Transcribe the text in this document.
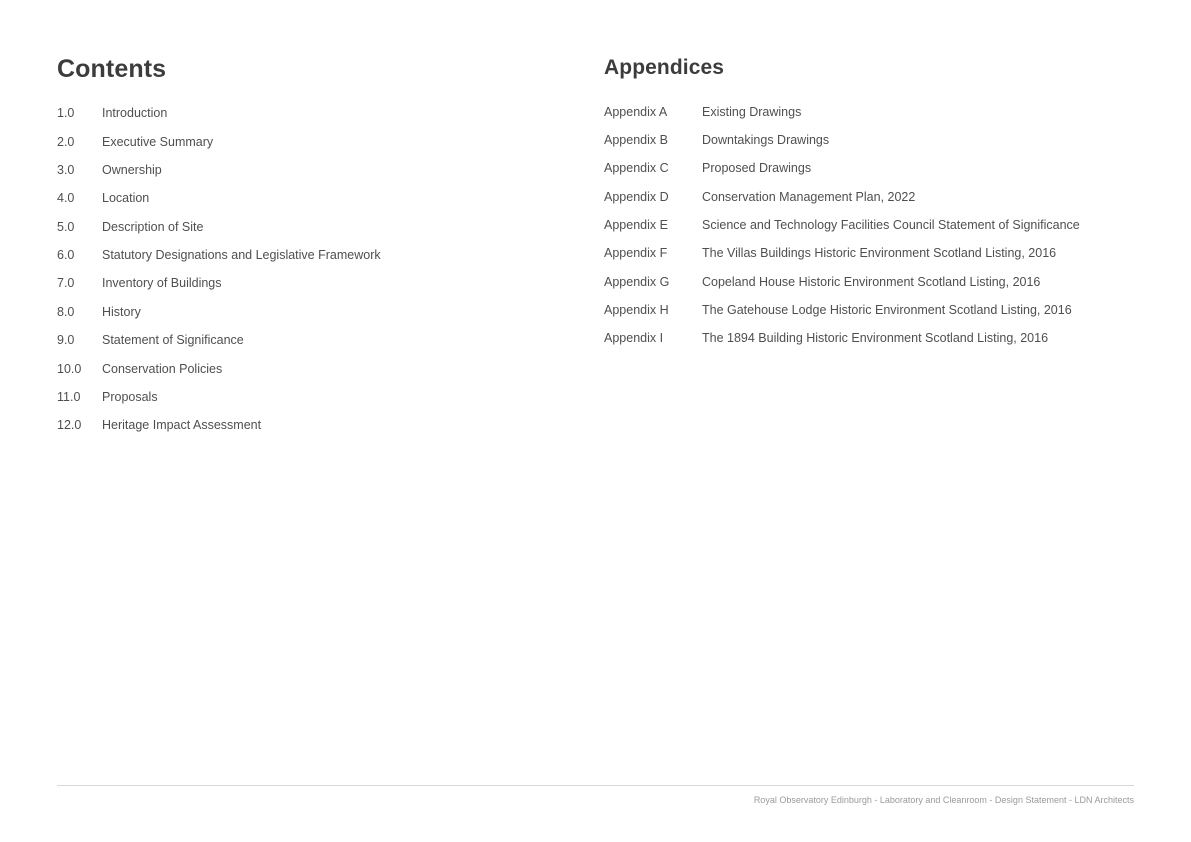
Contents
1.0	Introduction
2.0	Executive Summary
3.0	Ownership
4.0	Location
5.0	Description of Site
6.0	Statutory Designations and Legislative Framework
7.0	Inventory of Buildings
8.0	History
9.0	Statement of Significance
10.0	Conservation Policies
11.0	Proposals
12.0	Heritage Impact Assessment
Appendices
Appendix A	Existing Drawings
Appendix B	Downtakings Drawings
Appendix C	Proposed Drawings
Appendix D	Conservation Management Plan, 2022
Appendix E	Science and Technology Facilities Council Statement of Significance
Appendix F	The Villas Buildings Historic Environment Scotland Listing, 2016
Appendix G	Copeland House Historic Environment Scotland Listing, 2016
Appendix H	The Gatehouse Lodge Historic Environment Scotland Listing, 2016
Appendix I	The 1894 Building Historic Environment Scotland Listing, 2016
Royal Observatory Edinburgh - Laboratory and Cleanroom - Design Statement - LDN Architects
